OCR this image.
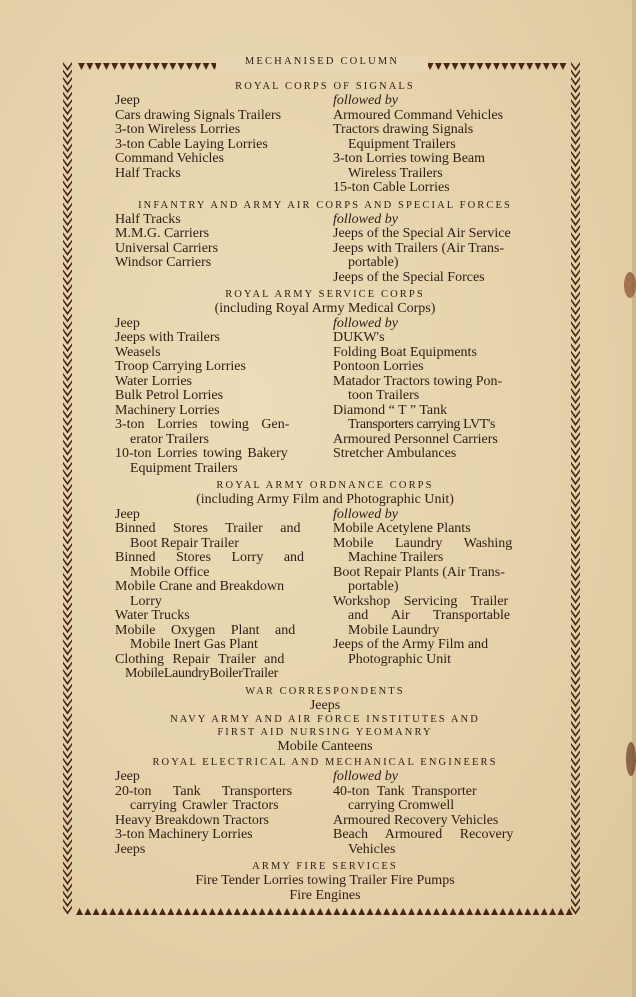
MECHANISED COLUMN
ROYAL CORPS OF SIGNALS
Jeep
Cars drawing Signals Trailers
3-ton Wireless Lorries
3-ton Cable Laying Lorries
Command Vehicles
Half Tracks
followed by
Armoured Command Vehicles
Tractors drawing Signals
Equipment Trailers
3-ton Lorries towing Beam
Wireless Trailers
15-ton Cable Lorries
INFANTRY AND ARMY AIR CORPS AND SPECIAL FORCES
Half Tracks
M.M.G. Carriers
Universal Carriers
Windsor Carriers
followed by
Jeeps of the Special Air Service
Jeeps with Trailers (Air Trans-
portable)
Jeeps of the Special Forces
ROYAL ARMY SERVICE CORPS
(including Royal Army Medical Corps)
Jeep
Jeeps with Trailers
Weasels
Troop Carrying Lorries
Water Lorries
Bulk Petrol Lorries
Machinery Lorries
3-ton Lorries towing Gen-
erator Trailers
10-ton Lorries towing Bakery
Equipment Trailers
followed by
DUKW's
Folding Boat Equipments
Pontoon Lorries
Matador Tractors towing Pon-
toon Trailers
Diamond “ T ” Tank
Transporters carrying LVT's
Armoured Personnel Carriers
Stretcher Ambulances
ROYAL ARMY ORDNANCE CORPS
(including Army Film and Photographic Unit)
Jeep
Binned Stores Trailer and
Boot Repair Trailer
Binned Stores Lorry and
Mobile Office
Mobile Crane and Breakdown
Lorry
Water Trucks
Mobile Oxygen Plant and
Mobile Inert Gas Plant
Clothing Repair Trailer and
Mobile Laundry Boiler Trailer
followed by
Mobile Acetylene Plants
Mobile Laundry Washing
Machine Trailers
Boot Repair Plants (Air Trans-
portable)
Workshop Servicing Trailer
and Air Transportable
Mobile Laundry
Jeeps of the Army Film and
Photographic Unit
WAR CORRESPONDENTS
Jeeps
NAVY ARMY AND AIR FORCE INSTITUTES AND
FIRST AID NURSING YEOMANRY
Mobile Canteens
ROYAL ELECTRICAL AND MECHANICAL ENGINEERS
Jeep
20-ton Tank Transporters
carrying Crawler Tractors
Heavy Breakdown Tractors
3-ton Machinery Lorries
Jeeps
followed by
40-ton Tank Transporter
carrying Cromwell
Armoured Recovery Vehicles
Beach Armoured Recovery
Vehicles
ARMY FIRE SERVICES
Fire Tender Lorries towing Trailer Fire Pumps
Fire Engines
